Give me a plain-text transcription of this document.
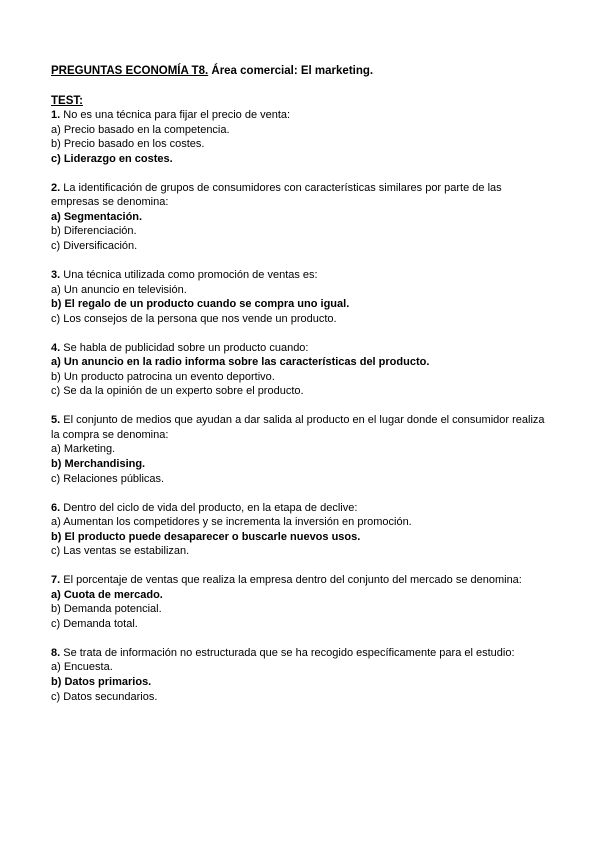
PREGUNTAS ECONOMÍA T8. Área comercial: El marketing.
TEST:
1. No es una técnica para fijar el precio de venta:
a) Precio basado en la competencia.
b) Precio basado en los costes.
c) Liderazgo en costes.
2. La identificación de grupos de consumidores con características similares por parte de las empresas se denomina:
a) Segmentación.
b) Diferenciación.
c) Diversificación.
3. Una técnica utilizada como promoción de ventas es:
a) Un anuncio en televisión.
b) El regalo de un producto cuando se compra uno igual.
c) Los consejos de la persona que nos vende un producto.
4. Se habla de publicidad sobre un producto cuando:
a) Un anuncio en la radio informa sobre las características del producto.
b) Un producto patrocina un evento deportivo.
c) Se da la opinión de un experto sobre el producto.
5. El conjunto de medios que ayudan a dar salida al producto en el lugar donde el consumidor realiza la compra se denomina:
a) Marketing.
b) Merchandising.
c) Relaciones públicas.
6. Dentro del ciclo de vida del producto, en la etapa de declive:
a) Aumentan los competidores y se incrementa la inversión en promoción.
b) El producto puede desaparecer o buscarle nuevos usos.
c) Las ventas se estabilizan.
7. El porcentaje de ventas que realiza la empresa dentro del conjunto del mercado se denomina:
a) Cuota de mercado.
b) Demanda potencial.
c) Demanda total.
8. Se trata de información no estructurada que se ha recogido específicamente para el estudio:
a) Encuesta.
b) Datos primarios.
c) Datos secundarios.
